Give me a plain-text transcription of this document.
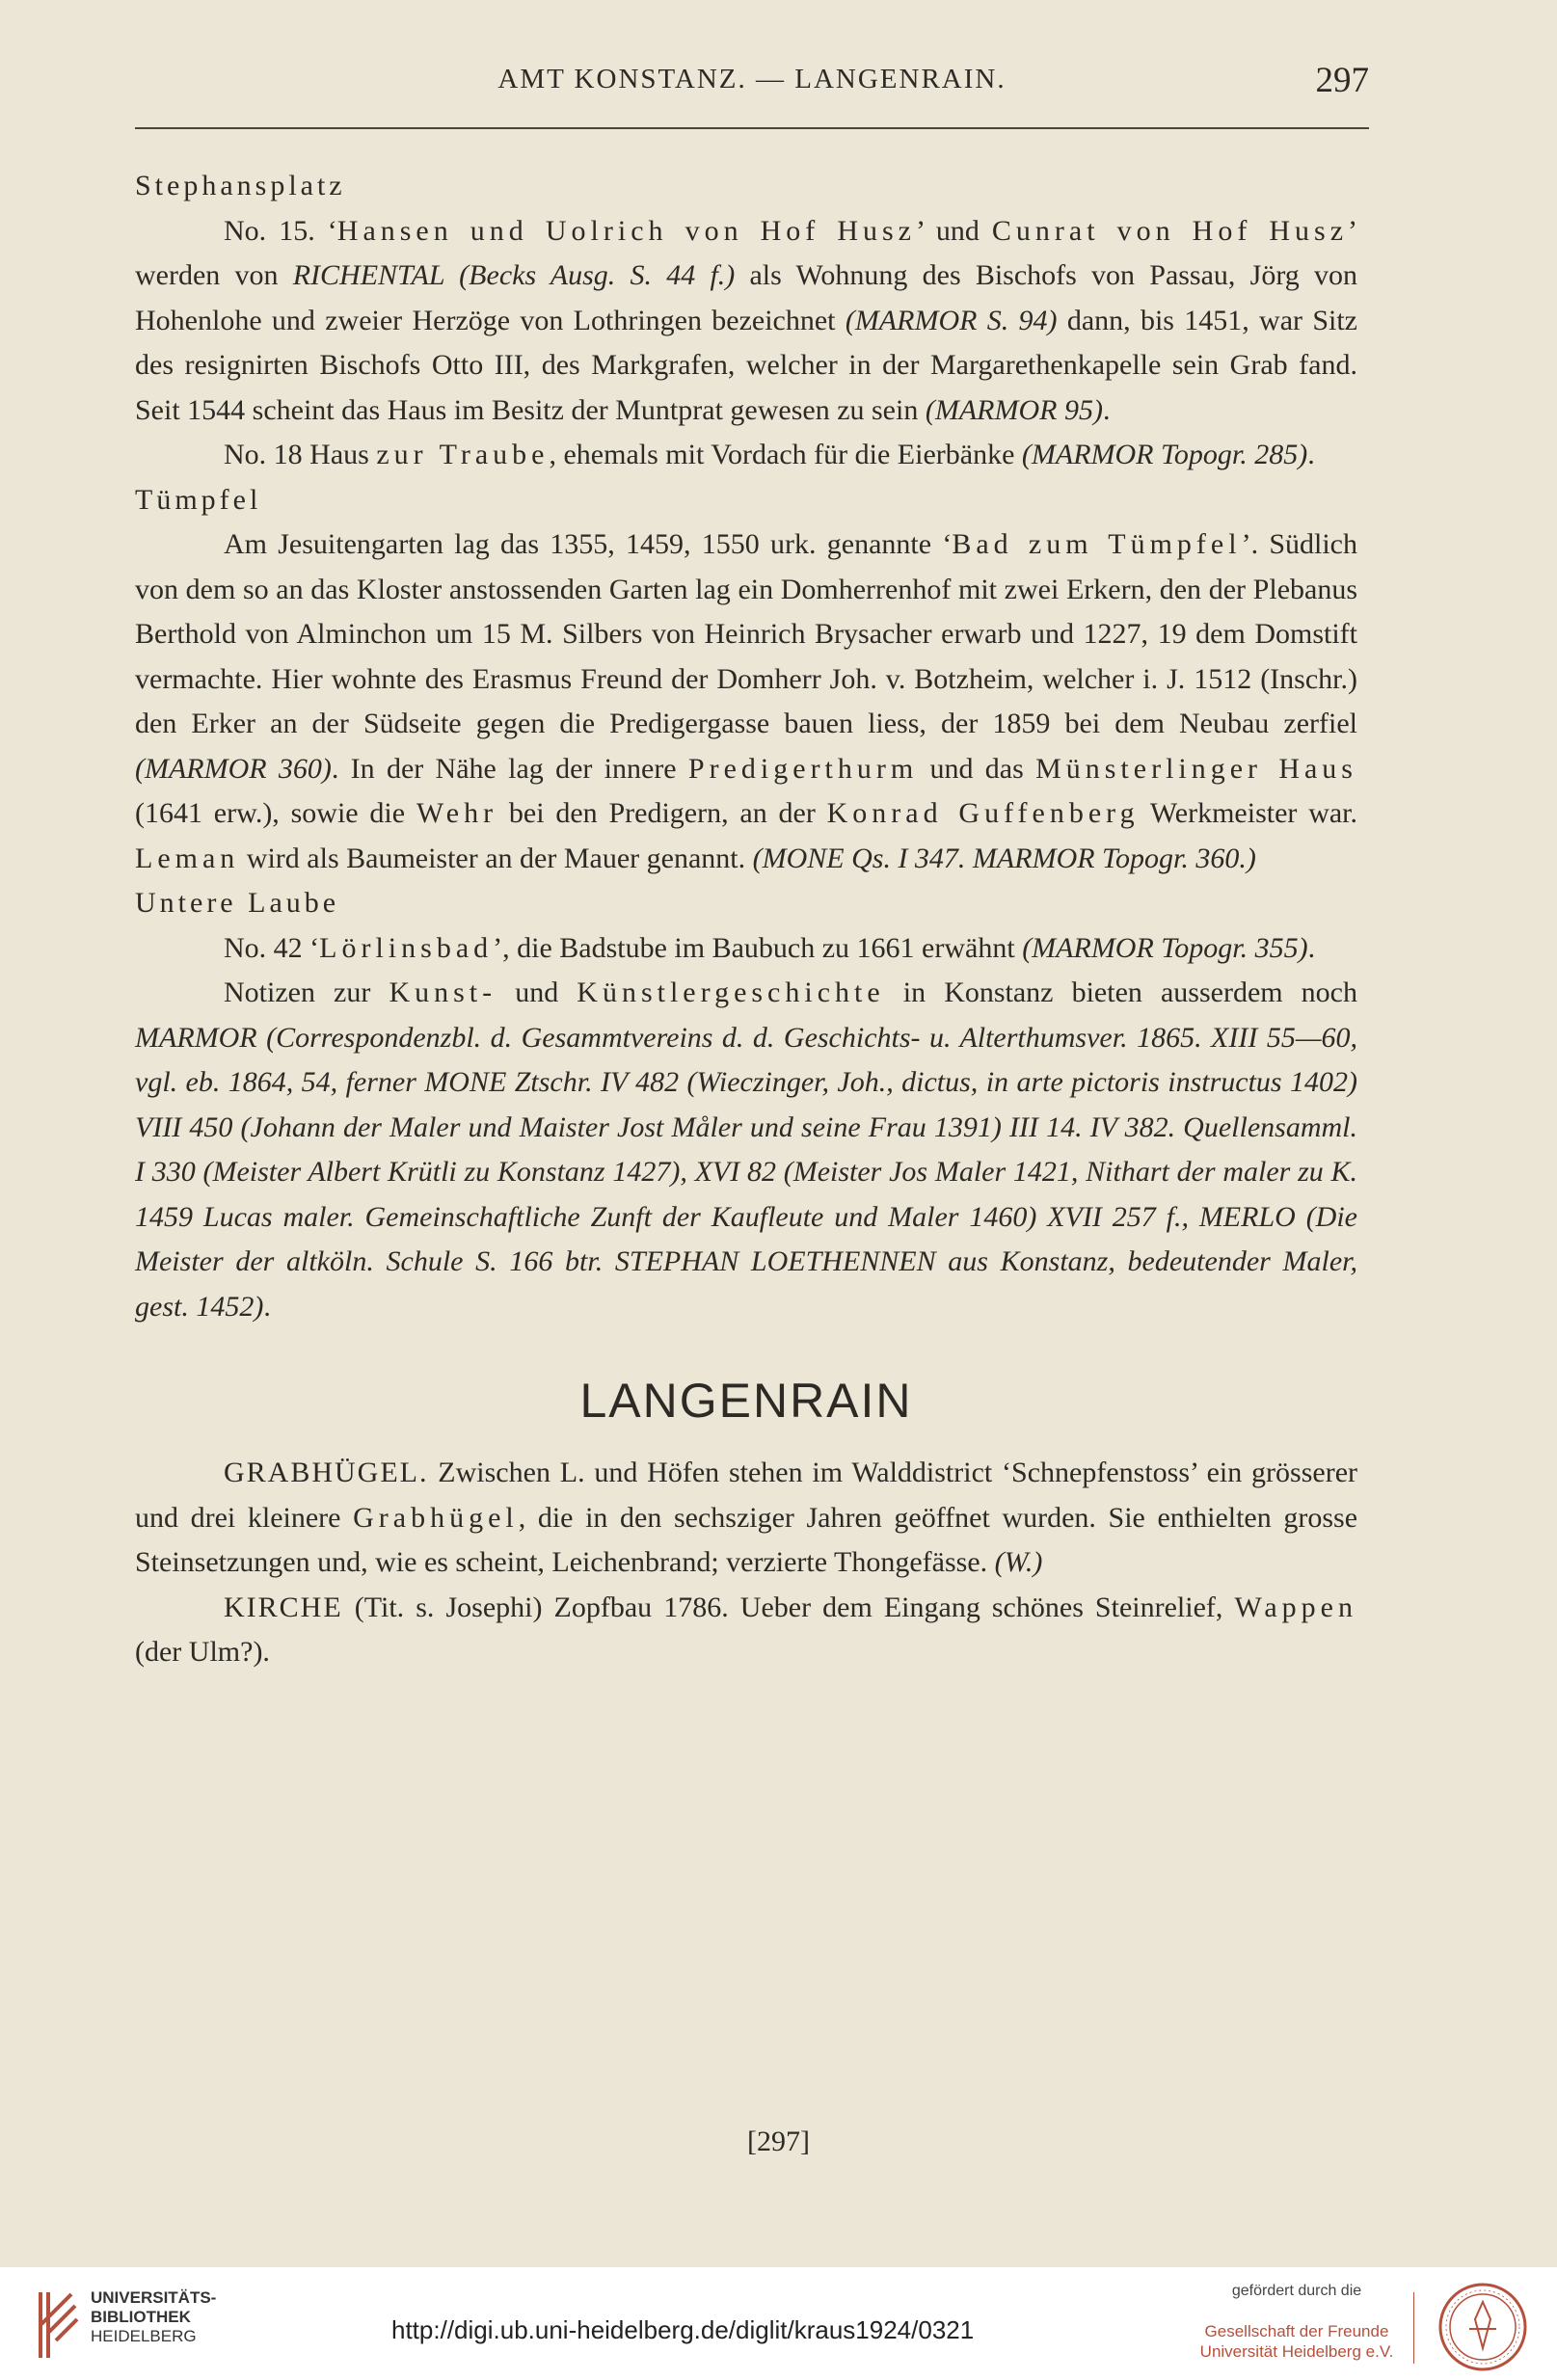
AMT KONSTANZ. — LANGENRAIN.	297

Stephansplatz

No. 15. ‘Hansen und Uolrich von Hof Husz’ und Cunrat von Hof Husz’ werden von RICHENTAL (Becks Ausg. S. 44 f.) als Wohnung des Bischofs von Passau, Jörg von Hohenlohe und zweier Herzöge von Lothringen bezeichnet (MARMOR S. 94) dann, bis 1451, war Sitz des resignirten Bischofs Otto III, des Markgrafen, welcher in der Margarethenkapelle sein Grab fand. Seit 1544 scheint das Haus im Besitz der Muntprat gewesen zu sein (MARMOR 95).

No. 18 Haus zur Traube, ehemals mit Vordach für die Eierbänke (MARMOR Topogr. 285).

Tümpfel

Am Jesuitengarten lag das 1355, 1459, 1550 urk. genannte ‘Bad zum Tümpfel’. Südlich von dem so an das Kloster anstossenden Garten lag ein Domherrenhof mit zwei Erkern, den der Plebanus Berthold von Alminchon um 15 M. Silbers von Heinrich Brysacher erwarb und 1227, 19 dem Domstift vermachte. Hier wohnte des Erasmus Freund der Domherr Joh. v. Botzheim, welcher i. J. 1512 (Inschr.) den Erker an der Südseite gegen die Predigergasse bauen liess, der 1859 bei dem Neubau zerfiel (MARMOR 360). In der Nähe lag der innere Predigerthurm und das Münsterlinger Haus (1641 erw.), sowie die Wehr bei den Predigern, an der Konrad Guffenberg Werkmeister war. Leman wird als Baumeister an der Mauer genannt. (MONE Qs. I 347. MARMOR Topogr. 360.)

Untere Laube

No. 42 ‘Lörlinsbad’, die Badstube im Baubuch zu 1661 erwähnt (MARMOR Topogr. 355).

Notizen zur Kunst- und Künstlergeschichte in Konstanz bieten ausserdem noch MARMOR (Correspondenzbl. d. Gesammtvereins d. d. Geschichts- u. Alterthumsver. 1865. XIII 55—60, vgl. eb. 1864, 54, ferner MONE Ztschr. IV 482 (Wieczinger, Joh., dictus, in arte pictoris instructus 1402) VIII 450 (Johann der Maler und Maister Jost Måler und seine Frau 1391) III 14. IV 382. Quellensamml. I 330 (Meister Albert Krütli zu Konstanz 1427), XVI 82 (Meister Jos Maler 1421, Nithart der maler zu K. 1459 Lucas maler. Gemeinschaftliche Zunft der Kaufleute und Maler 1460) XVII 257 f., MERLO (Die Meister der altköln. Schule S. 166 btr. STEPHAN LOETHENNEN aus Konstanz, bedeutender Maler, gest. 1452).

LANGENRAIN

GRABHÜGEL. Zwischen L. und Höfen stehen im Walddistrict ‘Schnepfenstoss’ ein grösserer und drei kleinere Grabhügel, die in den sechsziger Jahren geöffnet wurden. Sie enthielten grosse Steinsetzungen und, wie es scheint, Leichenbrand; verzierte Thongefässe. (W.)

KIRCHE (Tit. s. Josephi) Zopfbau 1786. Ueber dem Eingang schönes Steinrelief, Wappen (der Ulm?).

[297]
UNIVERSITÄTS-
BIBLIOTHEK
HEIDELBERG	http://digi.ub.uni-heidelberg.de/diglit/kraus1924/0321
gefördert durch die
Gesellschaft der Freunde
Universität Heidelberg e.V.
